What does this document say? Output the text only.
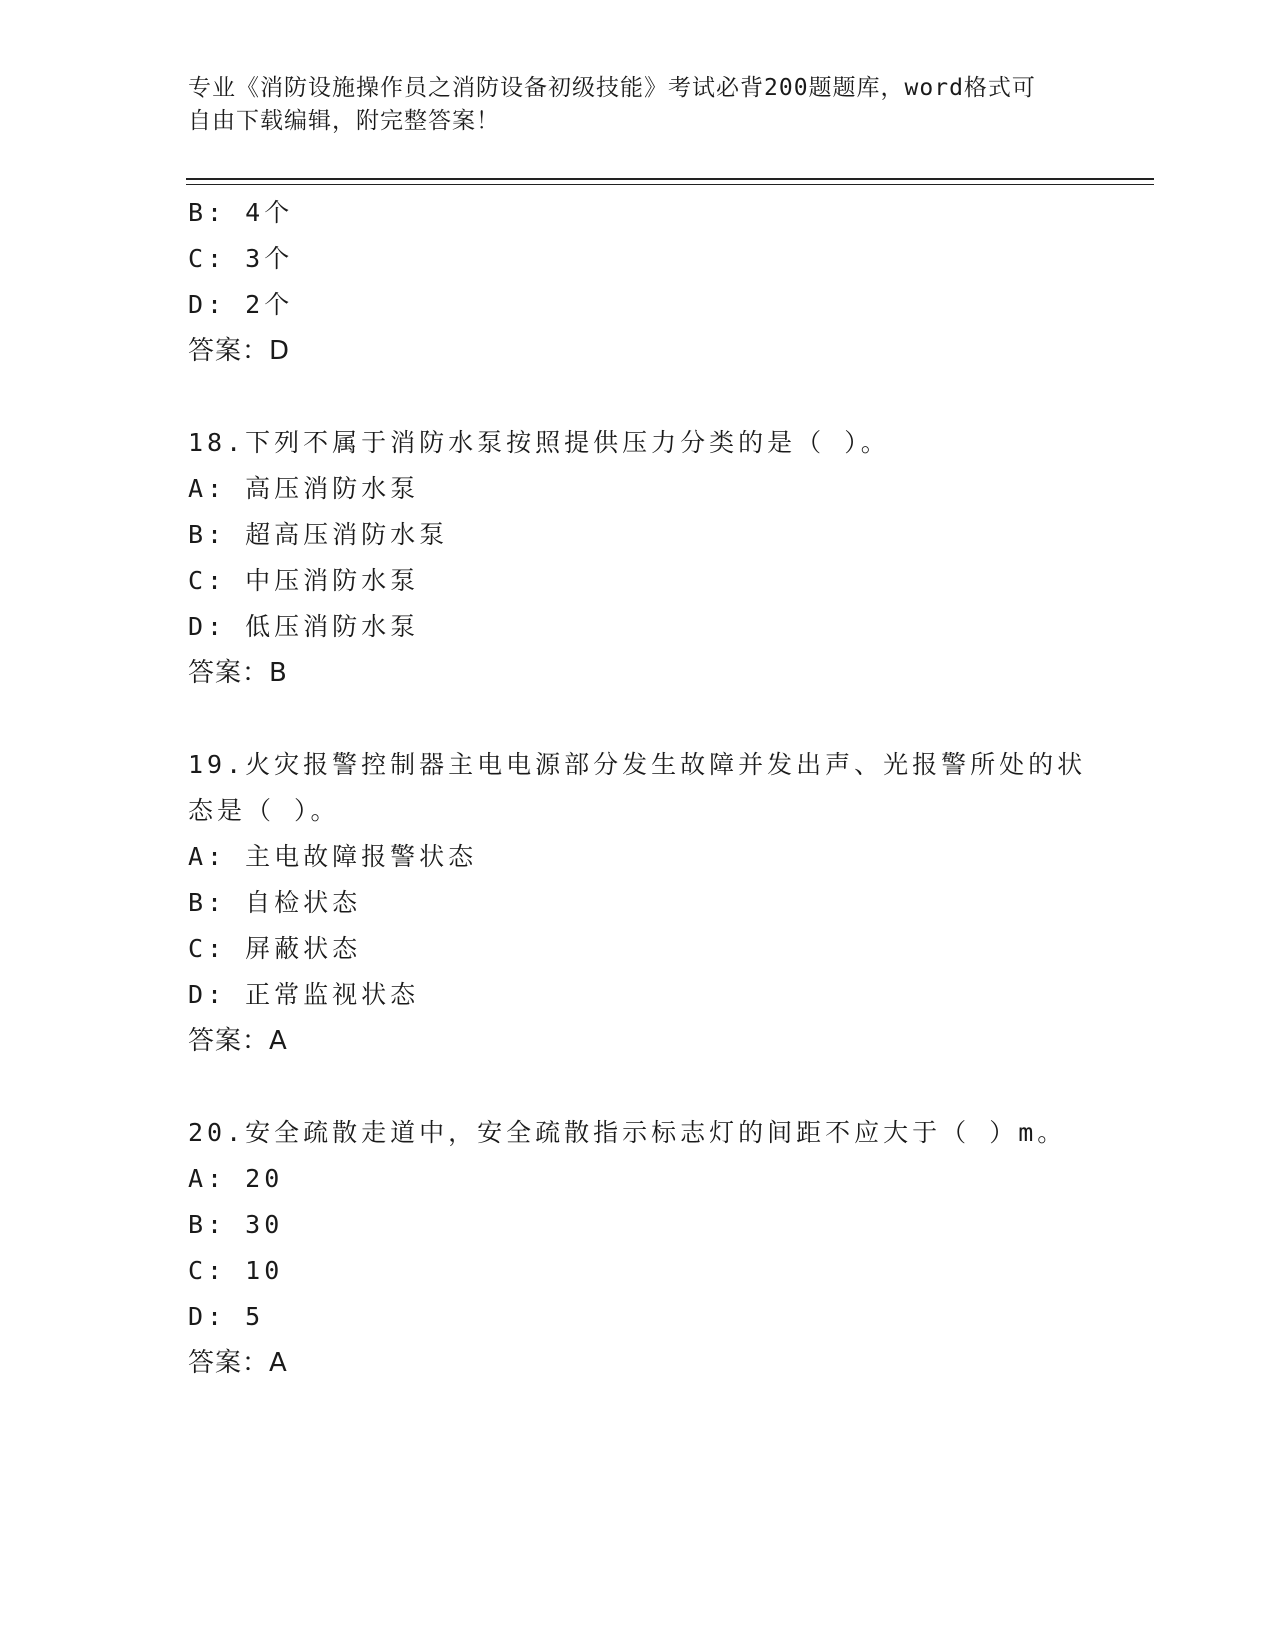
专业《消防设施操作员之消防设备初级技能》考试必背200题题库，word格式可
自由下载编辑，附完整答案！
B: 4个
C: 3个
D: 2个
答案：D
18.下列不属于消防水泵按照提供压力分类的是（ ）。
A: 高压消防水泵
B: 超高压消防水泵
C: 中压消防水泵
D: 低压消防水泵
答案：B
19.火灾报警控制器主电电源部分发生故障并发出声、光报警所处的状
态是（ ）。
A: 主电故障报警状态
B: 自检状态
C: 屏蔽状态
D: 正常监视状态
答案：A
20.安全疏散走道中，安全疏散指示标志灯的间距不应大于（ ）m。
A: 20
B: 30
C: 10
D: 5
答案：A
